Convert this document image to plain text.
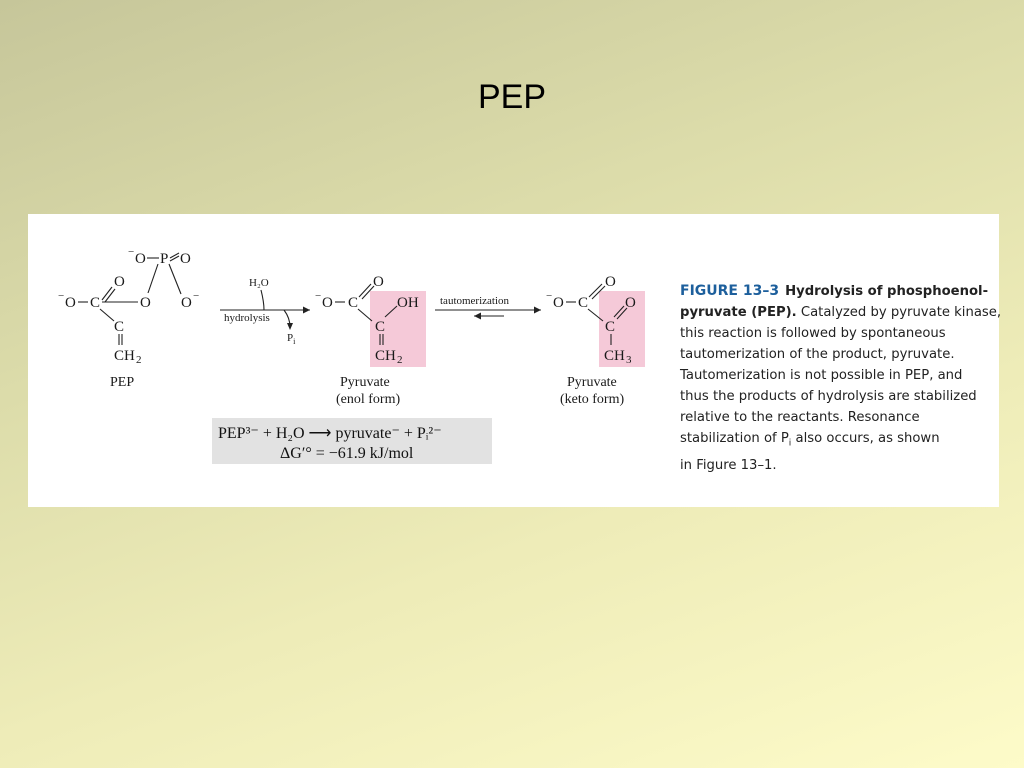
PEP
− O P O
O
O O −
− O C
C
CH 2
PEP
H₂O
hydrolysis
$P_i$
− O C
O
OH
C
CH 2
Pyruvate
(enol form)
tautomerization	− O C
O
O
C
CH 3
Pyruvate
(keto form)
PEP³⁻ + H₂O ⟶ pyruvate⁻ + Pᵢ²⁻
ΔG′° = −61.9 kJ/mol
FIGURE 13–3 Hydrolysis of phosphoenol-
pyruvate (PEP). Catalyzed by pyruvate kinase,
this reaction is followed by spontaneous
tautomerization of the product, pyruvate.
Tautomerization is not possible in PEP, and
thus the products of hydrolysis are stabilized
relative to the reactants. Resonance
stabilization of $P_i$ also occurs, as shown
in Figure 13–1.
